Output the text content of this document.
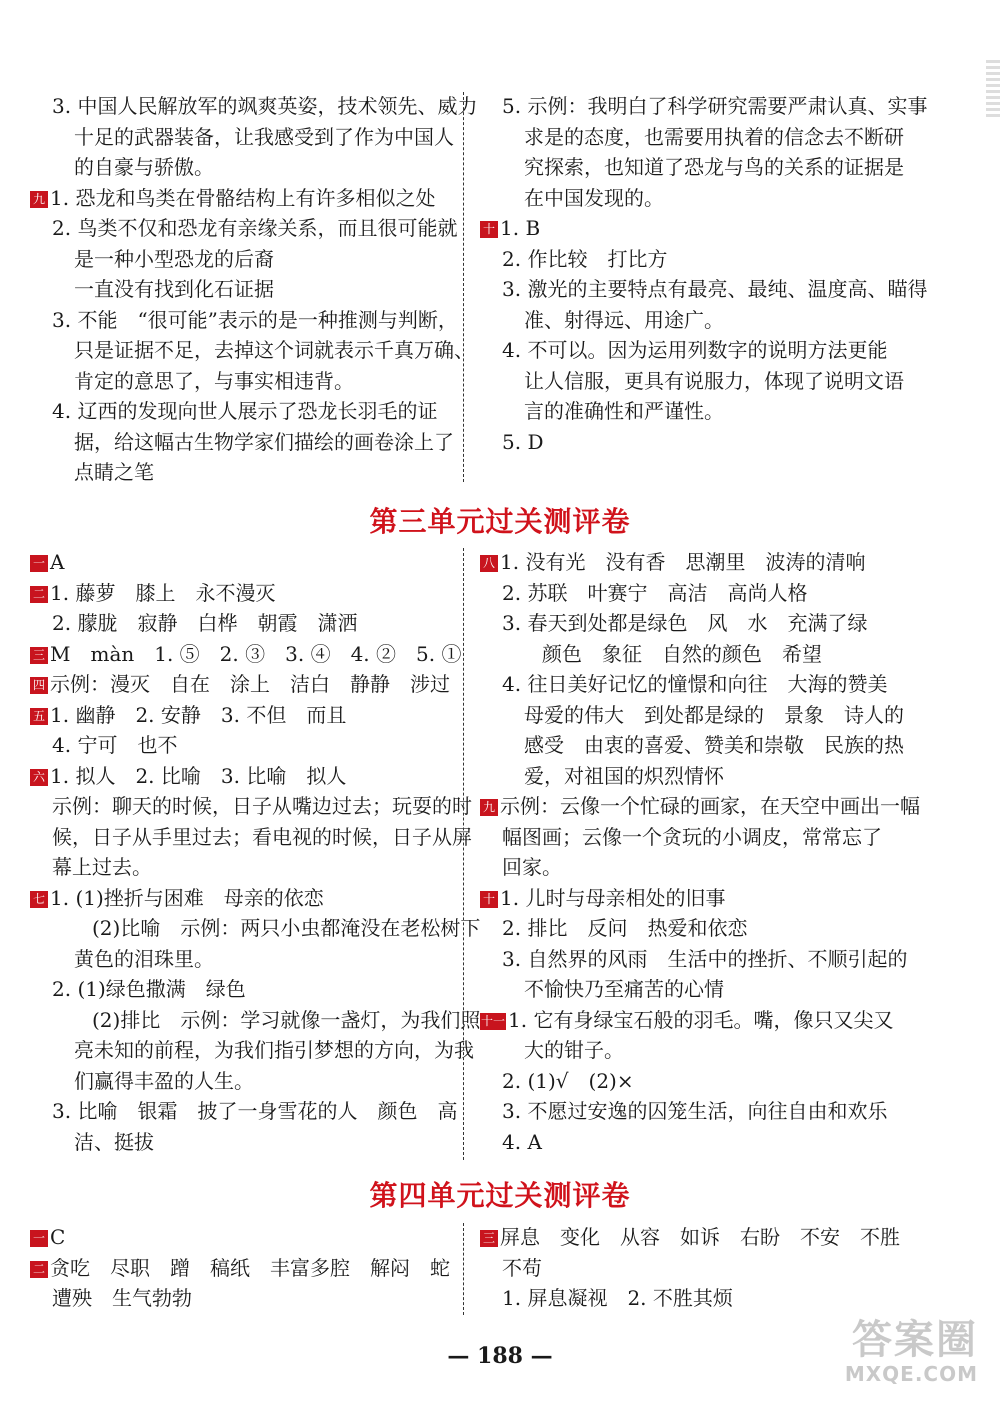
3. 中国人民解放军的飒爽英姿，技术领先、威力
十足的武器装备，让我感受到了作为中国人
的自豪与骄傲。
九 1. 恐龙和鸟类在骨骼结构上有许多相似之处
2. 鸟类不仅和恐龙有亲缘关系，而且很可能就
是一种小型恐龙的后裔
一直没有找到化石证据
3. 不能　“很可能”表示的是一种推测与判断，
只是证据不足，去掉这个词就表示千真万确、
肯定的意思了，与事实相违背。
4. 辽西的发现向世人展示了恐龙长羽毛的证
据，给这幅古生物学家们描绘的画卷涂上了
点睛之笔
5. 示例：我明白了科学研究需要严肃认真、实事
求是的态度，也需要用执着的信念去不断研
究探索，也知道了恐龙与鸟的关系的证据是
在中国发现的。
十 1. B
2. 作比较　打比方
3. 激光的主要特点有最亮、最纯、温度高、瞄得
准、射得远、用途广。
4. 不可以。因为运用列数字的说明方法更能
让人信服，更具有说服力，体现了说明文语
言的准确性和严谨性。
5. D
第三单元过关测评卷
一 A
二 1. 藤萝　膝上　永不漫灭
2. 朦胧　寂静　白桦　朝霞　潇洒
三 M　màn　1. ⑤　2. ③　3. ④　4. ②　5. ①
四 示例：漫灭　自在　涂上　洁白　静静　涉过
五 1. 幽静　2. 安静　3. 不但　而且
4. 宁可　也不
六 1. 拟人　2. 比喻　3. 比喻　拟人
示例：聊天的时候，日子从嘴边过去；玩耍的时
候，日子从手里过去；看电视的时候，日子从屏
幕上过去。
七 1. (1)挫折与困难　母亲的依恋
(2)比喻　示例：两只小虫都淹没在老松树下
黄色的泪珠里。
2. (1)绿色撒满　绿色
(2)排比　示例：学习就像一盏灯，为我们照
亮未知的前程，为我们指引梦想的方向，为我
们赢得丰盈的人生。
3. 比喻　银霜　披了一身雪花的人　颜色　高
洁、挺拔
八 1. 没有光　没有香　思潮里　波涛的清响
2. 苏联　叶赛宁　高洁　高尚人格
3. 春天到处都是绿色　风　水　充满了绿
颜色　象征　自然的颜色　希望
4. 往日美好记忆的憧憬和向往　大海的赞美
母爱的伟大　到处都是绿的　景象　诗人的
感受　由衷的喜爱、赞美和崇敬　民族的热
爱，对祖国的炽烈情怀
九 示例：云像一个忙碌的画家，在天空中画出一幅
幅图画；云像一个贪玩的小调皮，常常忘了
回家。
十 1. 儿时与母亲相处的旧事
2. 排比　反问　热爱和依恋
3. 自然界的风雨　生活中的挫折、不顺引起的
不愉快乃至痛苦的心情
十一 1. 它有身绿宝石般的羽毛。嘴，像只又尖又
大的钳子。
2. (1)√　(2)×
3. 不愿过安逸的囚笼生活，向往自由和欢乐
4. A
第四单元过关测评卷
一 C
二 贪吃　尽职　蹭　稿纸　丰富多腔　解闷　蛇
遭殃　生气勃勃
三 屏息　变化　从容　如诉　右盼　不安　不胜
不苟
1. 屏息凝视　2. 不胜其烦
— 188 —	答案圈
MXQE.COM
